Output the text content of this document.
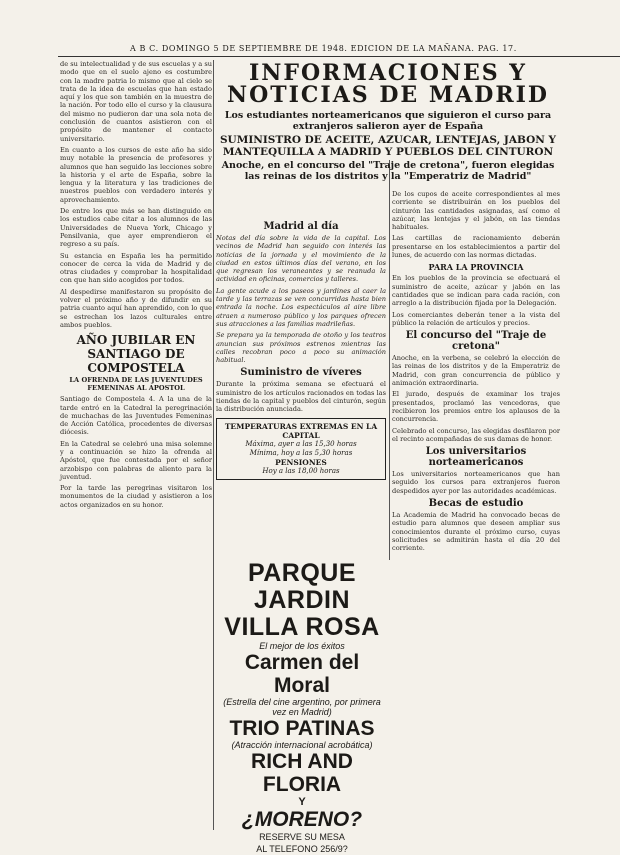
A B C. DOMINGO 5 DE SEPTIEMBRE DE 1948. EDICION DE LA MAÑANA. PAG. 17.

de su intelectualidad y de sus escuelas y a su modo que en el suelo ajeno es costumbre con la madre patria lo mismo que al cielo se trata de la idea de escuelas que han estado aquí y los que son también en la muestra de la nación. Por todo ello el curso y la clausura del mismo no pudieron dar una sola nota de conclusión de cuantos asistieron con el propósito de mantener el contacto universitario.

En cuanto a los cursos de este año ha sido muy notable la presencia de profesores y alumnos que han seguido las lecciones sobre la historia y el arte de España, sobre la lengua y la literatura y las tradiciones de nuestros pueblos con verdadero interés y aprovechamiento.

De entre los que más se han distinguido en los estudios cabe citar a los alumnos de las Universidades de Nueva York, Chicago y Pensilvania, que ayer emprendieron el regreso a su país.

Su estancia en España les ha permitido conocer de cerca la vida de Madrid y de otras ciudades y comprobar la hospitalidad con que han sido acogidos por todos.

Al despedirse manifestaron su propósito de volver el próximo año y de difundir en su patria cuanto aquí han aprendido, con lo que se estrechan los lazos culturales entre ambos pueblos.

AÑO JUBILAR EN SANTIAGO DE COMPOSTELA
LA OFRENDA DE LAS JUVENTUDES FEMENINAS AL APOSTOL

Santiago de Compostela 4. A la una de la tarde entró en la Catedral la peregrinación de muchachas de las Juventudes Femeninas de Acción Católica, procedentes de diversas diócesis.

En la Catedral se celebró una misa solemne y a continuación se hizo la ofrenda al Apóstol, que fue contestada por el señor arzobispo con palabras de aliento para la juventud.

Por la tarde las peregrinas visitaron los monumentos de la ciudad y asistieron a los actos organizados en su honor.

INFORMACIONES Y NOTICIAS DE MADRID
Los estudiantes norteamericanos que siguieron el curso para extranjeros salieron ayer de España
SUMINISTRO DE ACEITE, AZUCAR, LENTEJAS, JABON Y MANTEQUILLA A MADRID Y PUEBLOS DEL CINTURON
Anoche, en el concurso del "Traje de cretona", fueron elegidas las reinas de los distritos y la "Emperatriz de Madrid"
Madrid al día

Notas del día sobre la vida de la capital. Los vecinos de Madrid han seguido con interés las noticias de la jornada y el movimiento de la ciudad en estos últimos días del verano, en los que regresan los veraneantes y se reanuda la actividad en oficinas, comercios y talleres.

La gente acude a los paseos y jardines al caer la tarde y las terrazas se ven concurridas hasta bien entrada la noche. Los espectáculos al aire libre atraen a numeroso público y los parques ofrecen sus atracciones a las familias madrileñas.

Se prepara ya la temporada de otoño y los teatros anuncian sus próximos estrenos mientras las calles recobran poco a poco su animación habitual.

Suministro de víveres

Durante la próxima semana se efectuará el suministro de los artículos racionados en todas las tiendas de la capital y pueblos del cinturón, según la distribución anunciada.

TEMPERATURAS EXTREMAS EN LA CAPITAL
Máxima, ayer a las 15,30 horas
Mínima, hoy a las 5,30 horas
PENSIONES
Hoy a las 18,00 horas
PARQUE JARDIN
VILLA ROSA
El mejor de los éxitos
Carmen del Moral
(Estrella del cine argentino, por primera vez en Madrid)
TRIO PATINAS
(Atracción internacional acrobática)
RICH AND FLORIA
Y
¿MORENO?
RESERVE SU MESA
AL TELEFONO 256/9?

De los cupos de aceite correspondientes al mes corriente se distribuirán en los pueblos del cinturón las cantidades asignadas, así como el azúcar, las lentejas y el jabón, en las tiendas habituales.

Las cartillas de racionamiento deberán presentarse en los establecimientos a partir del lunes, de acuerdo con las normas dictadas.

PARA LA PROVINCIA

En los pueblos de la provincia se efectuará el suministro de aceite, azúcar y jabón en las cantidades que se indican para cada ración, con arreglo a la distribución fijada por la Delegación.

Los comerciantes deberán tener a la vista del público la relación de artículos y precios.

El concurso del "Traje de cretona"

Anoche, en la verbena, se celebró la elección de las reinas de los distritos y de la Emperatriz de Madrid, con gran concurrencia de público y animación extraordinaria.

El jurado, después de examinar los trajes presentados, proclamó las vencedoras, que recibieron los premios entre los aplausos de la concurrencia.

Celebrado el concurso, las elegidas desfilaron por el recinto acompañadas de sus damas de honor.

Los universitarios norteamericanos

Los universitarios norteamericanos que han seguido los cursos para extranjeros fueron despedidos ayer por las autoridades académicas.

Becas de estudio

La Academia de Madrid ha convocado becas de estudio para alumnos que deseen ampliar sus conocimientos durante el próximo curso, cuyas solicitudes se admitirán hasta el día 20 del corriente.
